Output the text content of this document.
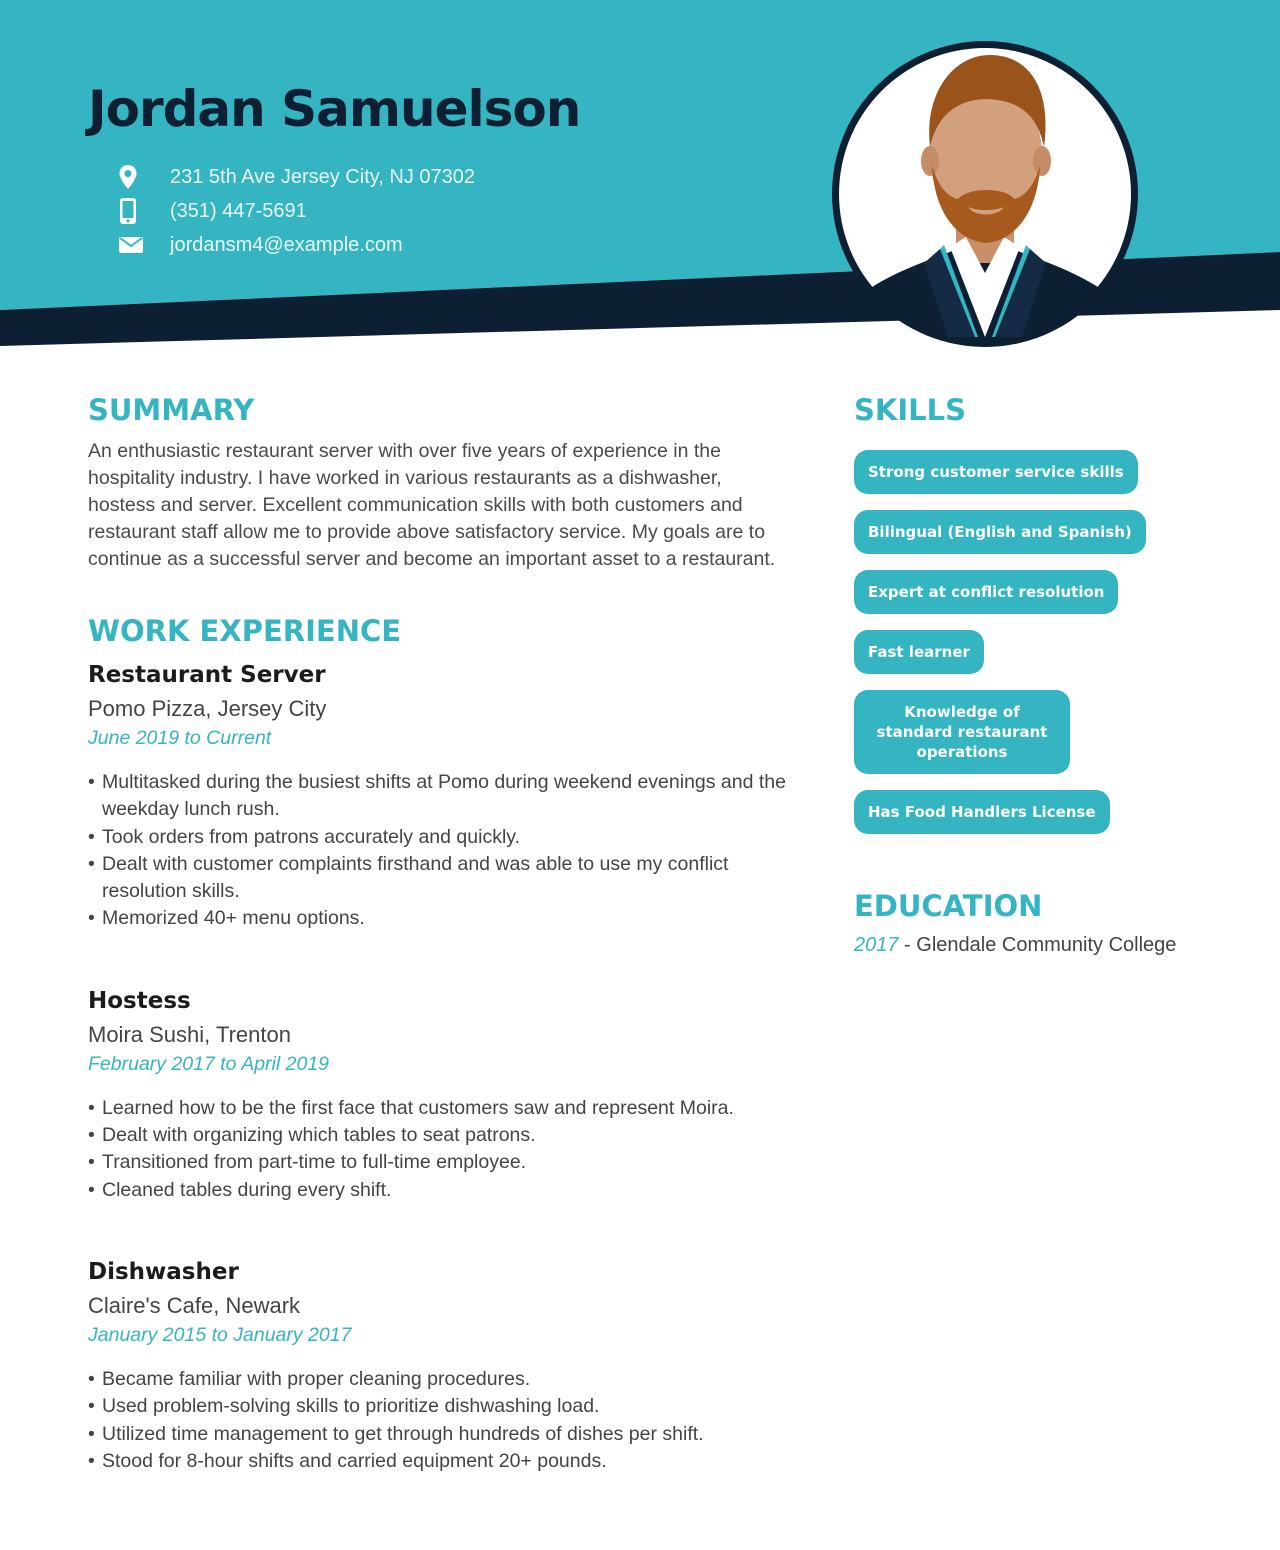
Jordan Samuelson
231 5th Ave Jersey City, NJ 07302
(351) 447-5691
jordansm4@example.com
SUMMARY

An enthusiastic restaurant server with over five years of experience in the hospitality industry. I have worked in various restaurants as a dishwasher, hostess and server. Excellent communication skills with both customers and restaurant staff allow me to provide above satisfactory service. My goals are to continue as a successful server and become an important asset to a restaurant.

WORK EXPERIENCE
Restaurant Server
Pomo Pizza, Jersey City
June 2019 to Current
• Multitasked during the busiest shifts at Pomo during weekend evenings and the weekday lunch rush.
• Took orders from patrons accurately and quickly.
• Dealt with customer complaints firsthand and was able to use my conflict resolution skills.
• Memorized 40+ menu options.
Hostess
Moira Sushi, Trenton
February 2017 to April 2019
• Learned how to be the first face that customers saw and represent Moira.
• Dealt with organizing which tables to seat patrons.
• Transitioned from part-time to full-time employee.
• Cleaned tables during every shift.
Dishwasher
Claire's Cafe, Newark
January 2015 to January 2017
• Became familiar with proper cleaning procedures.
• Used problem-solving skills to prioritize dishwashing load.
• Utilized time management to get through hundreds of dishes per shift.
• Stood for 8-hour shifts and carried equipment 20+ pounds.
SKILLS
Strong customer service skills
Bilingual (English and Spanish)
Expert at conflict resolution
Fast learner
Knowledge of standard restaurant operations
Has Food Handlers License
EDUCATION
2017 - Glendale Community College
